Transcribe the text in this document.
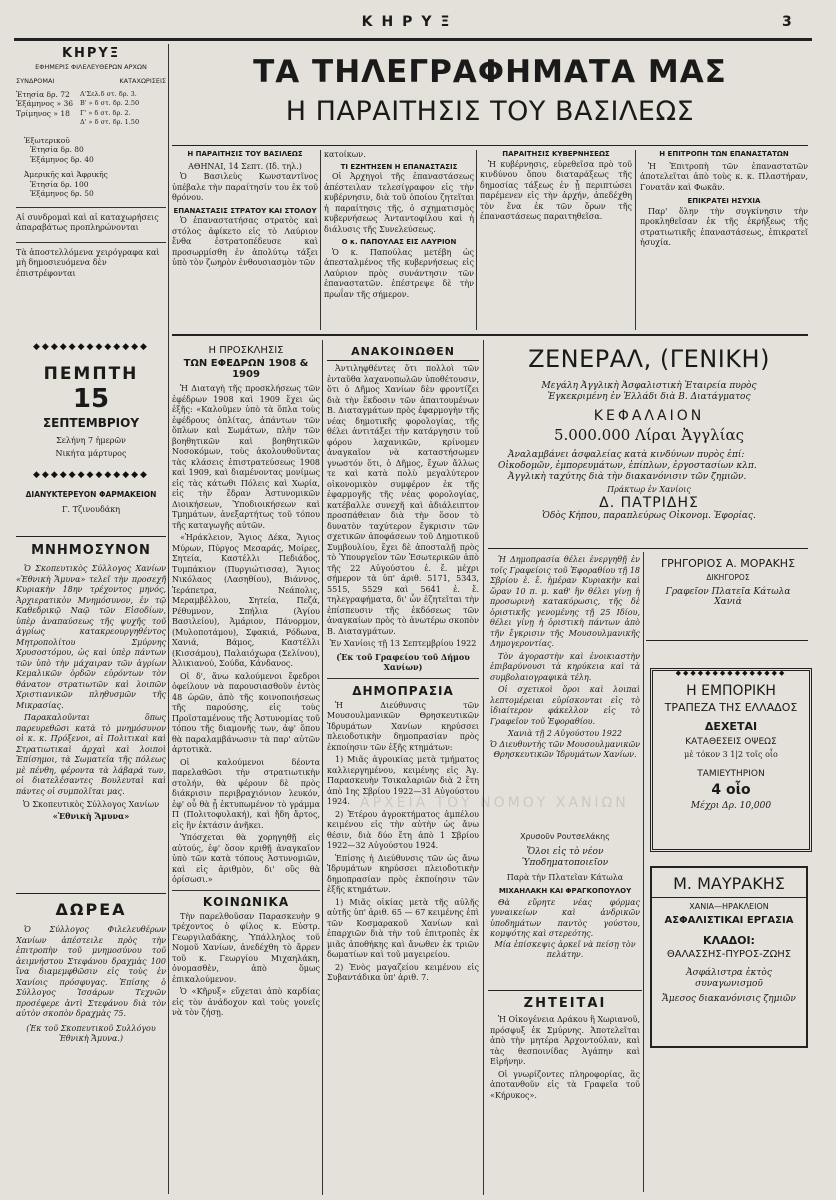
ΚΗΡΥΞ	3
ΚΗΡΥΞ
ΕΦΗΜΕΡΙΣ ΦΙΛΕΛΕΥΘΕΡΩΝ ΑΡΧΩΝ
ΣΥΝΔΡΟΜΑΙ	ΚΑΤΑΧΩΡΙΣΕΙΣ
Ἐτησία δρ. 72
Ἑξάμηνος » 36
Τρίμηνος » 18
Α'Σελ.δ στ. δρ. 3.
Β' » δ στ. δρ. 2.50
Γ' » δ στ. δρ. 2.
Δ' » δ στ. δρ. 1.50
Ἐξωτερικοῦ
Ἐτησία δρ. 80
Ἑξάμηνος δρ. 40
Ἀμερικῆς καὶ Ἀφρικῆς
Ἐτησία δρ. 100
Ἑξάμηνος δρ. 50

Αἱ συνδρομαὶ καὶ αἱ καταχωρήσεις ἀπαραβάτως προπληρώνονται

Τὰ ἀποστελλόμενα χειρόγραφα καὶ μὴ δημοσιευόμενα δὲν ἐπιστρέφονται

◆◆◆◆◆◆◆◆◆◆◆◆◆
ΠΕΜΠΤΗ
15
ΣΕΠΤΕΜΒΡΙΟΥ
Σελήνη 7 ἡμερῶν
Νικήτα μάρτυρος
◆◆◆◆◆◆◆◆◆◆◆◆◆
ΔΙΑΝΥΚΤΕΡΕΥΟΝ ΦΑΡΜΑΚΕΙΟΝ
Γ. Τζινουδάκη
ΜΝΗΜΟΣΥΝΟΝ

Ὁ Σκοπευτικὸς Σύλλογος Χανίων «Ἐθνικὴ Ἄμυνα» τελεῖ τὴν προσεχῆ Κυριακὴν 18ην τρέχοντος μηνός, Ἀρχιερατικὸν Μνημόσυνον, ἐν τῷ Καθεδρικῷ Ναῷ τῶν Εἰσοδίων, ὑπὲρ ἀναπαύσεως τῆς ψυχῆς τοῦ ἀγρίως κατακρεουργηθέντος Μητροπολίτου Σμύρνης Χρυσοστόμου, ὡς καὶ ὑπὲρ πάντων τῶν ὑπὸ τὴν μάχαιραν τῶν ἀγρίων Κεμαλικῶν ὀρδῶν εὑρόντων τὸν θάνατον στρατιωτῶν καὶ λοιπῶν Χριστιανικῶν πληθυσμῶν τῆς Μικρασίας.

Παρακαλοῦνται ὅπως παρευρεθῶσι κατὰ τὸ μνημόσυνον οἱ κ. κ. Πρόξενοι, αἱ Πολιτικαὶ καὶ Στρατιωτικαὶ ἀρχαὶ καὶ λοιποὶ Ἐπίσημοι, τὰ Σωματεῖα τῆς πόλεως μὲ πένθη, φέροντα τὰ λάβαρά των, οἱ διατελέσαντες Βουλευταὶ καὶ πάντες οἱ συμπολῖται μας.

Ὁ Σκοπευτικὸς Σύλλογος Χανίων

«Ἐθνικὴ Ἄμυνα»

ΔΩΡΕΑ

Ὁ Σύλλογος Φιλελευθέρων Χανίων ἀπέστειλε πρὸς τὴν ἐπιτροπὴν τοῦ μνημοσύνου τοῦ ἀειμνήστου Στεφάνου δραχμὰς 100 ἵνα διαμεμφθῶσιν εἰς τοὺς ἐν Χανίοις πρόσφυγας. Ἐπίσης ὁ Σύλλογος Ἰσσάρων Τεχνῶν προσέφερε ἀντὶ Στεφάνου διὰ τὸν αὐτὸν σκοπὸν δραχμὰς 75.

(Ἐκ τοῦ Σκοπευτικοῦ Συλλόγου Ἐθνικὴ Ἄμυνα.)

ΤΑ ΤΗΛΕΓΡΑΦΗΜΑΤΑ ΜΑΣ
Η ΠΑΡΑΙΤΗΣΙΣ ΤΟΥ ΒΑΣΙΛΕΩΣ
Η ΠΑΡΑΙΤΗΣΙΣ ΤΟΥ ΒΑΣΙΛΕΩΣ
ΑΘΗΝΑΙ, 14 Σεπτ. (Ιδ. τηλ.)

Ὁ Βασιλεὺς Κωνσταντῖνος ὑπέβαλε τὴν παραίτησίν του ἐκ τοῦ θρόνου.

ΕΠΑΝΑΣΤΑΣΙΣ ΣΤΡΑΤΟΥ ΚΑΙ ΣΤΟΛΟΥ

Ὁ ἐπαναστατήσας στρατὸς καὶ στόλος ἀφίκετο εἰς τὸ Λαύριον ἔνθα ἐστρατοπέδευσε καὶ προσωρμίσθη ἐν ἀπολύτῳ τάξει ὑπὸ τὸν ζωηρὸν ἐνθουσιασμὸν τῶν

κατοίκων.

ΤΙ ΕΖΗΤΗΣΕΝ Η ΕΠΑΝΑΣΤΑΣΙΣ

Οἱ Ἀρχηγοὶ τῆς ἐπαναστάσεως ἀπέστειλαν τελεσίγραφον εἰς τὴν κυβέρνησιν, διὰ τοῦ ὁποίου ζητεῖται ἡ παραίτησις τῆς, ὁ σχηματισμὸς κυβερνήσεως Ἀνταντοφίλου καὶ ἡ διάλυσις τῆς Συνελεύσεως.

Ο κ. ΠΑΠΟΥΛΑΣ ΕΙΣ ΛΑΥΡΙΟΝ

Ὁ κ. Παπούλας μετέβη ὡς ἀπεσταλμένος τῆς κυβερνήσεως εἰς Λαύριον πρὸς συνάντησιν τῶν ἐπαναστατῶν. ἐπέστρεψε δὲ τὴν πρωΐαν τῆς σήμερον.

ΠΑΡΑΙΤΗΣΙΣ ΚΥΒΕΡΝΗΣΕΩΣ

Ἡ κυβέρνησις, εὑρεθεῖσα πρὸ τοῦ κινδύνου ὅπου διαταράξεως τῆς δημοσίας τάξεως ἐν ᾗ περιπτώσει παρέμενεν εἰς τὴν ἀρχήν, ἀπεδέχθη τὸν ἕνα ἐκ τῶν ὅρων τῆς ἐπαναστάσεως παραιτηθεῖσα.

Η ΕΠΙΤΡΟΠΗ ΤΩΝ ΕΠΑΝΑΣΤΑΤΩΝ

Ἡ Ἐπιτροπὴ τῶν ἐπαναστατῶν ἀποτελεῖται ἀπὸ τοὺς κ. κ. Πλαστήραν, Γονατᾶν καὶ Φωκᾶν.

ΕΠΙΚΡΑΤΕΙ ΗΣΥΧΙΑ

Παρ' ὅλην τὴν συγκίνησιν τὴν προκληθεῖσαν ἐκ τῆς ἐκρήξεως τῆς στρατιωτικῆς ἐπαναστάσεως, ἐπικρατεῖ ἡσυχία.

Η ΠΡΟΣΚΛΗΣΙΣ
ΤΩΝ ΕΦΕΔΡΩΝ 1908 & 1909

Ἡ Διαταγὴ τῆς προσκλήσεως τῶν ἐφέδρων 1908 καὶ 1909 ἔχει ὡς ἑξῆς: «Καλοῦμεν ὑπὸ τὰ ὅπλα τοὺς ἐφέδρους ὁπλίτας, ἁπάντων τῶν ὅπλων καὶ Σωμάτων, πλὴν τῶν βοηθητικῶν καὶ βοηθητικῶν Νοσοκόμων, τοὺς ἀκολουθοῦντας τὰς κλάσεις ἐπιστρατεύσεως 1908 καὶ 1909, καὶ διαμένοντας μονίμως εἰς τὰς κάτωθι Πόλεις καὶ Χωρία, εἰς τὴν ἕδραν Ἀστυνομικῶν Διοικήσεων, Ὑποδιοικήσεων καὶ Τμημάτων, ἀνεξαρτήτως τοῦ τόπου τῆς καταγωγῆς αὐτῶν.

«Ἡράκλειον, Ἅγιος Δέκα, Ἅγιος Μύρων, Πύργος Μεσαράς, Μοίρες, Σητεία, Καστέλλι Πεδιάδος, Τυμπάκιον (Πυργιώτισσα), Ἅγιος Νικόλαος (Λασηθίου), Βιάννος, Ἱεράπετρα, Νεάπολις, Μεραμβέλλου, Σητεία, Πεζά, Ρέθυμνον, Σπήλια (Ἁγίου Βασιλείου), Ἀμάριον, Πάνορμον, (Μυλοποτάμου), Σφακιά, Ρόδωνα, Χανιά, Βάμος, Καστέλλι (Κισσάμου), Παλαιόχωρα (Σελίνου), Ἀλικιανού, Σούδα, Κάνδανος.

Οἱ δ', ἄνω καλούμενοι ἔφεδροι ὀφείλουν νὰ παρουσιασθοῦν ἐντὸς 48 ὡρῶν, ἀπὸ τῆς κοινοποιήσεως τῆς παρούσης, εἰς τοὺς Προϊσταμένους τῆς Ἀστυνομίας τοῦ τόπου τῆς διαμονῆς των, ἀφ' ὅπου θὰ παραλαμβάνωσιν τὰ παρ' αὐτῶν ἀρτοτικὰ.

Οἱ καλούμενοι δέοντα παρελαθῶσι τὴν στρατιωτικὴν στολήν, θὰ φέρουν δὲ πρὸς διάκρισιν περιβραχιόνιον λευκόν, ἐφ' οὗ θὰ ᾖ ἐκτυπωμένον τὸ γράμμα Π (Πολιτοφυλακή), καὶ ἤδη ἄρτος, εἰς ἣν ἐκτάσιν ἀνῆκει.

Ὑπόσχεται θὰ χορηγηθῇ εἰς αὐτούς, ἐφ' ὅσον κριθῇ ἀναγκαῖον ὑπὸ τῶν κατὰ τόπους Ἀστυνομιῶν, καὶ εἰς ἀριθμὸν, δι' οὓς θὰ ὁρίσωσι.»

ΚΟΙΝΩΝΙΚΑ

Τὴν παρελθοῦσαν Παρασκευὴν 9 τρέχοντος ὁ φίλος κ. Εὐστρ. Γεωργιλαδάκης, Ὑπάλληλος τοῦ Νομοῦ Χανίων, ἀνεδέχθη τὸ ἄρρεν τοῦ κ. Γεωργίου Μιχαηλάκη, ὀνομασθὲν, ἀπὸ ὅμως ἐπικαλούμενον.

Ὁ «Κῆρυξ» εὔχεται ἀπὸ καρδίας εἰς τὸν ἀνάδοχον καὶ τοὺς γονεῖς νὰ τὸν ζήσῃ.

ΑΝΑΚΟΙΝΩΘΕΝ

Ἀντιληφθέντες ὅτι πολλοὶ τῶν ἐνταῦθα λαχανοπωλῶν ὑποθέτουσιν, ὅτι ὁ Δῆμος Χανίων δὲν φροντίζει διὰ τὴν ἔκδοσιν τῶν ἀπαιτουμένων Β. Διαταγμάτων πρὸς ἐφαρμογὴν τῆς νέας δημοτικῆς φορολογίας, τῆς θέλει ἀντιτάξει τὴν κατάργησιν τοῦ φόρου λαχανικῶν, κρίνομεν ἀναγκαῖον νὰ καταστήσωμεν γνωστόν ὅτι, ὁ Δῆμος, ἔχων ἄλλως τε καὶ κατὰ πολὺ μεγαλύτερον οἰκονομικὸν συμφέρον ἐκ τῆς ἐφαρμογῆς τῆς νέας φορολογίας, κατέβαλλε συνεχῆ καὶ ἀδιάλειπτον προσπάθειαν διὰ τὴν ὅσον τὸ δυνατὸν ταχύτερον ἔγκρισιν τῶν σχετικῶν ἀποφάσεων τοῦ Δημοτικοῦ Συμβουλίου, ἔχει δὲ ἀποσταλῇ πρὸς τὸ Ὑπουργεῖον τῶν Ἐσωτερικῶν ἀπὸ τῆς 22 Αὐγούστου ἐ. ἔ. μέχρι σήμερον τὰ ὑπ' ἀριθ. 5171, 5343, 5515, 5529 καὶ 5641 ἐ. ἔ. τηλεγραφήματα, δι' ὧν ἐζητεῖται τὴν ἐπίσπευσιν τῆς ἐκδόσεως τῶν ἀναγκαίων πρὸς τὸ ἀνωτέρω σκοπὸν Β. Διαταγμάτων.

Ἐν Χανίοις τῇ 13 Σεπτεμβρίου 1922

(Ἐκ τοῦ Γραφείου τοῦ Δήμου Χανίων)

ΔΗΜΟΠΡΑΣΙΑ

Ἡ Διεύθυνσις τῶν Μουσουλμανικῶν Θρησκευτικῶν Ἱδρυμάτων Χανίων κηρύσσει πλειοδοτικὴν δημοπρασίαν πρὸς ἐκποίησιν τῶν ἑξῆς κτημάτων:

1) Μιᾶς ἀγροικίας μετὰ τμήματος καλλιεργημένου, κειμένης εἰς Ἀγ. Παρασκευὴν Τσικαλαριῶν διὰ 2 ἔτη ἀπὸ 1ης Σβρίου 1922—31 Αὐγούστου 1924.

2) Ἑτέρου ἀγροκτήματος ἀμπέλου κειμένου εἰς τὴν αὐτὴν ὡς ἄνω θέσιν, διὰ δύο ἔτη ἀπὸ 1 Σβρίου 1922—32 Αὐγούστου 1924.

Ἐπίσης ἡ Διεύθυνσις τῶν ὡς ἄνω Ἱδρυμάτων κηρύσσει πλειοδοτικὴν δημοπρασίαν πρὸς ἐκποίησιν τῶν ἑξῆς κτημάτων.

1) Μιᾶς οἰκίας μετὰ τῆς αὐλῆς αὐτῆς ὑπ' ἀριθ. 65 — 67 κειμένης ἐπὶ τῶν Κοσμαρακοῦ Χανίων καὶ ἐπαρχιῶν διὰ τὴν τοῦ ἐπιτροπὲς ἐκ μιᾶς ἀποθήκης καὶ ἄνωθεν ἐκ τριῶν δωματίων καὶ τοῦ μαγειρείου.

2) Ἑνὸς μαγαζείου κειμένου εἰς Συβαντάδικα ὑπ' ἀριθ. 7.

ΖΕΝΕΡΑΛ, (ΓΕΝΙΚΗ)
Μεγάλη Ἀγγλικὴ Ἀσφαλιστικὴ Ἑταιρεία πυρὸς
Ἐγκεκριμένη ἐν Ἑλλάδι διὰ Β. Διατάγματος
ΚΕΦΑΛΑΙΟΝ
5.000.000 Λίραι Ἀγγλίας

Ἀναλαμβάνει ἀσφαλείας κατὰ κινδύνων πυρὸς ἐπί: Οἰκοδομῶν, ἐμπορευμάτων, ἐπίπλων, ἐργοστασίων κλπ.

Ἀγγλικὴ ταχύτης διὰ τὴν διακανόνισιν τῶν ζημιῶν.

Πράκτωρ ἐν Χανίοις
Δ. ΠΑΤΡΙΔΗΣ
Ὁδὸς Κήπου, παραπλεύρως Οἰκονομ. Ἐφορίας.

Ἡ Δημοπρασία θέλει ἐνεργηθῇ ἐν τοῖς Γραφείοις τοῦ Ἐφοραθίου τῇ 18 Σβρίου ἐ. ἔ. ἡμέραν Κυριακὴν καὶ ὥραν 10 π. μ. καθ' ἣν θέλει γίνῃ ἡ προσωρινὴ κατακύρωσις, τῆς δὲ ὁριστικῆς γενομένης τῇ 25 Ιδίου, θέλει γίνῃ ἡ ὁριστικὴ πάντων ἀπὸ τῆν ἔγκρισιν τῆς Μουσουλμανικῆς Δημογεροντίας.

Τὸν ἀγοραστὴν καὶ ἐνοικιαστὴν ἐπιβαρύνουσι τὰ κηρύκεια καὶ τὰ συμβολαιογραφικὰ τέλη.

Οἱ σχετικοὶ ὅροι καὶ λοιπαὶ λεπτομέρειαι εὑρίσκονται εἰς τὸ ἰδιαίτερον φάκελλον εἰς τὸ Γραφεῖον τοῦ Ἐφοραθίου.

Χανιὰ τῇ 2 Αὐγούστου 1922

Ὁ Διευθυντὴς τῶν Μουσουλμανικῶν Θρησκευτικῶν Ἱδρυμάτων Χανίων.

ΓΡΗΓΟΡΙΟΣ Α. ΜΟΡΑΚΗΣ
ΔΙΚΗΓΟΡΟΣ
Γραφεῖον Πλατεῖα Κάτωλα
Χανιά
◆◆◆◆◆◆◆◆◆◆◆◆◆◆◆
Η ΕΜΠΟΡΙΚΗ
ΤΡΑΠΕΖΑ ΤΗΣ ΕΛΛΑΔΟΣ
ΔΕΧΕΤΑΙ
ΚΑΤΑΘΕΣΕΙΣ ΟΨΕΩΣ
μὲ τόκον 3 1|2 τοῖς οἷο
ΤΑΜΙΕΥΤΗΡΙΟΝ
4 οἷο
Μέχρι Δρ. 10,000
Χρυσοῦν Ρουτσελάκης

Ὅλοι εἰς τὸ νέον Ὑποδηματοποιεῖον

Παρὰ τὴν Πλατεῖαν Κάτωλα

ΜΙΧΑΗΛΑΚΗ ΚΑΙ ΦΡΑΓΚΟΠΟΥΛΟΥ

Θὰ εὕρητε νέας φόρμας γυναικείων καὶ ἀνδρικῶν ὑποδημάτων παντὸς γούστου, κομψότης καὶ στερεότης.

Μία ἐπίσκεψις ἀρκεῖ νὰ πείσῃ τὸν πελάτην.

ΖΗΤΕΙΤΑΙ

Ἡ Οἰκογένεια Δράκου ἢ Χωριανοῦ, πρόσφυξ ἐκ Σμύρνης. Ἀποτελεῖται ἀπὸ τὴν μητέρα Ἀρχοντούλαν, καὶ τὰς θεσποινίδας Ἀγάπην καὶ Εἰρήνην.

Οἱ γνωρίζοντες πληροφορίας, ἂς ἀποτανθοῦν εἰς τὰ Γραφεῖα τοῦ «Κήρυκος».

Μ. ΜΑΥΡΑΚΗΣ
ΧΑΝΙΑ—ΗΡΑΚΛΕΙΟΝ
ΑΣΦΑΛΙΣΤΙΚΑΙ ΕΡΓΑΣΙΑ
ΚΛΑΔΟΙ:
ΘΑΛΑΣΣΗΣ-ΠΥΡΟΣ-ΖΩΗΣ
Ἀσφάλιστρα ἐκτὸς συναγωνισμοῦ
Ἄμεσος διακανόνισις ζημιῶν
ΑΡΧΕΙΑ ΤΟΥ ΝΟΜΟΥ ΧΑΝΙΩΝ
